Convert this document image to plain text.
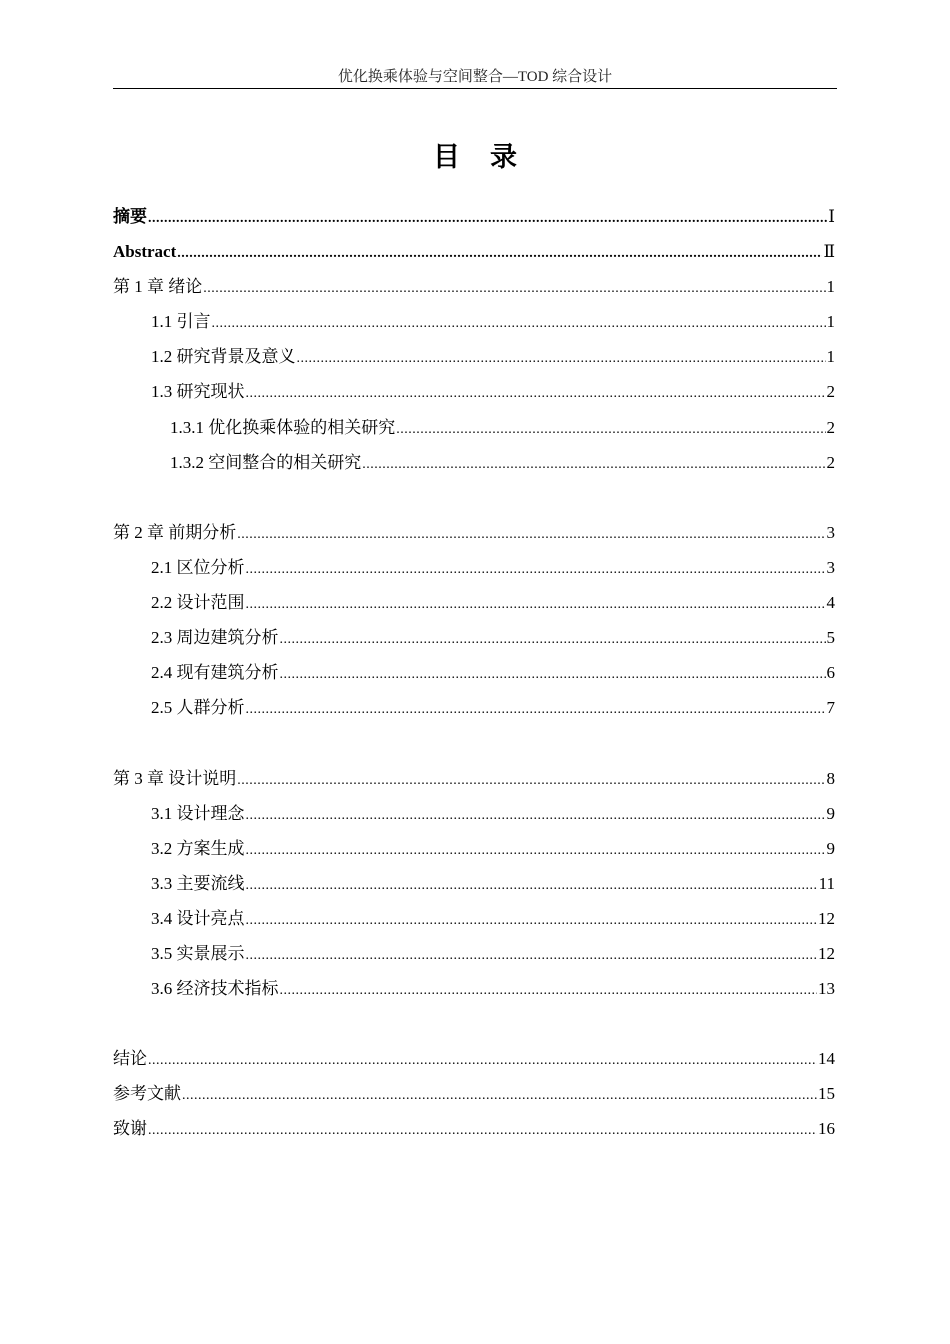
优化换乘体验与空间整合—TOD 综合设计
目录
摘要 .....	Ⅰ
Abstract .....	Ⅱ
第 1 章 绪论 .....	1
1.1 引言 .....	1
1.2 研究背景及意义 .....	1
1.3 研究现状 .....	2
1.3.1 优化换乘体验的相关研究 .....	2
1.3.2 空间整合的相关研究 .....	2
第 2 章 前期分析 .....	3
2.1 区位分析 .....	3
2.2 设计范围 .....	4
2.3 周边建筑分析 .....	5
2.4 现有建筑分析 .....	6
2.5 人群分析 .....	7
第 3 章 设计说明 .....	8
3.1 设计理念 .....	9
3.2 方案生成 .....	9
3.3 主要流线 .....	11
3.4 设计亮点 .....	12
3.5 实景展示 .....	12
3.6 经济技术指标 .....	13
结论 .....	14
参考文献 .....	15
致谢 .....	16
